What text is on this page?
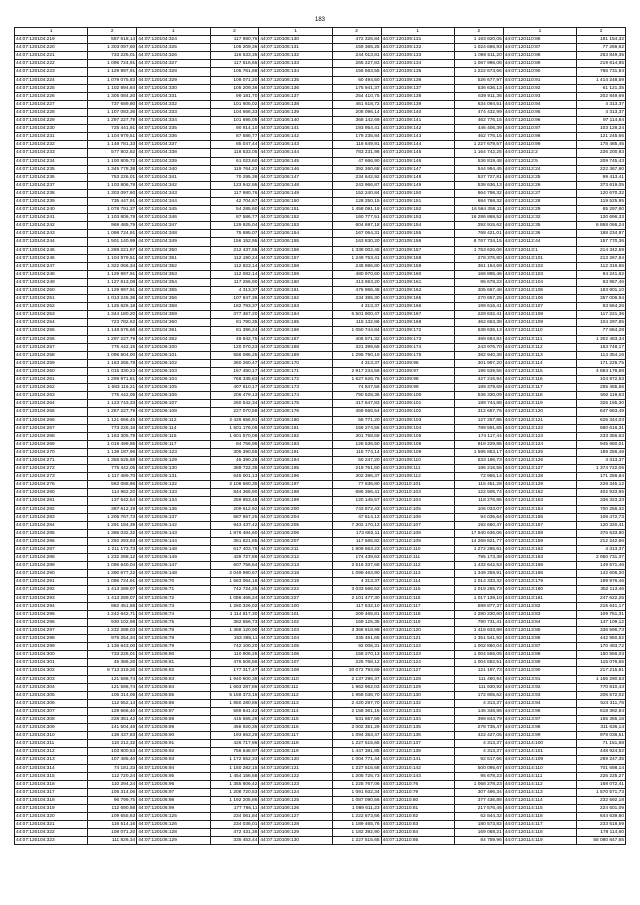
183
1	2	1	2	1	2	1	2	1	2
44:07:120104:219	587 618,14	44:07:120104:324	117 980,76	44:07:120106:130	472 326,84	44:07:120109:131	1 193 620,05	44:07:120110:86	181 154,32
44:07:120104:220	1 303 097,60	44:07:120104:325	105 209,36	44:07:120106:131	159 365,25	44:07:120109:132	1 024 666,93	44:07:120110:87	77 269,62
44:07:120104:221	733 226,01	44:07:120104:326	116 533,35	44:07:120106:132	244 013,81	44:07:120109:133	1 069 511,20	44:07:120110:88	253 849,35
44:07:120104:222	1 096 724,91	44:07:120104:327	117 616,65	44:07:120106:133	265 227,83	44:07:120109:134	1 067 996,08	44:07:120110:89	219 614,85
44:07:120104:223	1 129 997,91	44:07:120104:328	105 761,68	44:07:120106:134	156 563,55	44:07:120109:135	1 222 673,66	44:07:120110:90	766 731,84
44:07:120104:224	1 079 075,83	44:07:120104:329	108 071,20	44:07:120106:135	60 494,50	44:07:120109:136	526 677,97	44:07:120110:91	1 414 248,59
44:07:120104:225	1 102 894,84	44:07:120104:330	105 209,36	44:07:120106:136	175 941,37	44:07:120109:137	536 636,13	44:07:120110:92	61 121,35
44:07:120104:226	1 305 084,20	44:07:120104:331	99 181,70	44:07:120106:137	254 410,75	44:07:120109:138	639 911,36	44:07:120110:93	202 849,69
44:07:120104:227	737 689,80	44:07:120104:332	101 605,02	44:07:120106:138	461 618,72	44:07:120109:139	634 094,51	44:07:120110:94	4 313,37
44:07:120104:228	1 107 083,36	44:07:120104:333	104 666,33	44:07:120106:139	208 096,14	44:07:120109:140	474 432,99	44:07:120110:95	4 313,37
44:07:120104:229	1 297 227,79	44:07:120104:334	101 695,05	44:07:120106:140	368 142,69	44:07:120109:141	462 776,15	44:07:120110:96	97 114,84
44:07:120104:230	725 441,91	44:07:120104:335	90 914,10	44:07:120106:141	193 954,41	44:07:120109:142	446 406,39	44:07:120110:97	103 128,24
44:07:120104:231	1 104 979,51	44:07:120104:336	87 586,77	44:07:120106:142	179 235,84	44:07:120109:143	462 776,15	44:07:120110:98	121 245,66
44:07:120104:232	1 148 781,33	44:07:120104:337	85 047,44	44:07:120106:143	118 649,91	44:07:120109:144	1 227 679,57	44:07:120110:99	178 485,45
44:07:120104:233	577 802,82	44:07:120104:338	118 533,05	44:07:120106:144	783 231,98	44:07:120109:145	1 164 742,25	44:07:120112:2	226 200,93
44:07:120104:234	1 100 809,72	44:07:120104:339	61 023,60	44:07:120106:145	47 666,90	44:07:120109:146	536 819,48	44:07:120112:5	209 745,43
44:07:120104:235	1 345 778,38	44:07:120104:340	119 764,22	44:07:120106:146	392 260,68	44:07:120109:147	544 994,45	44:07:120112:24	222 367,60
44:07:120104:236	753 226,01	44:07:120104:341	70 295,38	44:07:120106:147	234 642,92	44:07:120109:148	537 727,81	44:07:120112:25	99 413,41
44:07:120104:237	1 103 806,78	44:07:120104:342	123 942,95	44:07:120106:148	243 966,87	44:07:120109:149	538 636,13	44:07:120112:26	373 619,05
44:07:120104:238	1 303 097,60	44:07:120104:343	117 980,76	44:07:120106:149	152 240,84	44:07:120109:150	664 798,32	44:07:120112:27	120 670,32
44:07:120104:239	735 447,91	44:07:120104:344	42 704,67	44:07:120106:150	128 250,15	44:07:120109:151	684 768,32	44:07:120112:28	119 525,95
44:07:120104:240	1 078 791,37	44:07:120104:345	54 285,60	44:07:120106:151	1 458 091,19	44:07:120109:152	16 564 356,11	44:07:120112:29	85 297,80
44:07:120104:241	1 103 806,78	44:07:120104:346	87 586,77	44:07:120106:152	160 777,51	44:07:120109:153	16 286 868,52	44:07:120112:32	120 696,33
44:07:120104:242	969 485,79	44:07:120104:347	129 925,04	44:07:120106:153	604 697,18	44:07:120109:154	292 915,62	44:07:120112:35	6 868 066,24
44:07:120104:243	1 098 724,91	44:07:120104:348	75 695,07	44:07:120106:154	167 064,31	44:07:120109:155	768 421,01	44:07:120112:36	188 234,97
44:07:120104:244	1 501 140,99	44:07:120104:349	156 152,95	44:07:120106:155	163 830,20	44:07:120109:156	8 767 734,15	44:07:120112:44	157 770,36
44:07:120104:245	1 289 221,97	44:07:120104:350	212 437,65	44:07:120106:156	1 338 002,45	44:07:120109:157	1 753 626,06	44:07:120113:1	214 342,59
44:07:120104:246	1 104 979,51	44:07:120104:351	112 190,24	44:07:120106:157	1 249 753,41	44:07:120109:158	278 376,80	44:07:120113:101	213 267,84
44:07:120104:247	1 322 066,34	44:07:120104:352	112 823,14	44:07:120106:158	245 986,80	44:07:120109:159	361 164,69	44:07:120113:102	112 316,66
44:07:120104:248	1 129 997,91	44:07:120104:353	112 082,14	44:07:120106:159	480 970,60	44:07:120109:160	166 895,46	44:07:120113:103	94 241,62
44:07:120104:249	1 127 613,08	44:07:120104:354	117 256,90	44:07:120106:160	413 653,20	44:07:120109:161	95 678,23	44:07:120113:104	83 957,46
44:07:120104:250	1 129 997,91	44:07:120104:355	4 313,37	44:07:120106:161	476 966,48	44:07:120109:162	305 667,48	44:07:120113:105	183 901,10
44:07:120104:251	1 013 245,36	44:07:120104:356	107 847,36	44:07:120106:162	234 395,30	44:07:120109:165	270 657,25	44:07:120113:106	357 006,94
44:07:120104:252	1 125 826,18	44:07:120104:358	182 793,37	44:07:120106:163	4 313,37	44:07:120109:166	199 616,41	44:07:120113:107	93 564,26
44:07:120104:253	1 344 180,20	44:07:120104:359	377 367,20	44:07:120106:164	6 501 900,47	44:07:120109:167	229 632,41	44:07:120113:108	117 221,36
44:07:120104:254	723 782,62	44:07:120104:360	81 790,35	44:07:120106:165	115 132,86	44:07:120109:168	462 653,38	44:07:120113:109	104 297,85
44:07:120104:255	1 148 575,66	44:07:120104:361	81 396,24	44:07:120106:166	1 050 744,84	44:07:120109:172	538 636,13	44:07:120113:110	77 664,28
44:07:120104:256	1 297 227,79	44:07:120104:362	49 942,75	44:07:120106:167	406 571,32	44:07:120109:173	469 694,84	44:07:120113:111	1 302 463,34
44:07:120104:257	775 442,15	44:07:120106:100	120 070,23	44:07:120106:168	321 399,65	44:07:120109:174	243 976,70	44:07:120113:112	153 748,17
44:07:120104:258	1 096 804,00	44:07:120106:101	556 086,25	44:07:120106:169	1 295 790,19	44:07:120109:175	382 940,38	44:07:120113:113	114 354,16
44:07:120104:259	1 163 265,78	44:07:120106:102	360 260,47	44:07:120106:170	4 313,37	44:07:120109:96	301 997,20	44:07:120113:114	171 225,75
44:07:120104:260	1 015 330,23	44:07:120106:103	157 480,17	44:07:120106:171	2 917 234,56	44:07:120109:97	196 539,56	44:07:120113:115	4 884 176,98
44:07:120104:261	1 299 971,81	44:07:120106:104	768 335,83	44:07:120106:172	1 627 626,76	44:07:120109:98	427 216,94	44:07:120113:116	104 972,53
44:07:120104:262	1 583 116,21	44:07:120106:105	407 610,17	44:07:120106:173	74 847,56	44:07:120109:99	189 379,69	44:07:120113:117	255 455,56
44:07:120104:263	775 442,05	44:07:120106:106	206 479,13	44:07:120106:174	790 628,36	44:07:120109:100	536 330,09	44:07:120113:118	592 119,63
44:07:120104:264	1 123 743,33	44:07:120106:107	260 542,34	44:07:120106:175	417 647,83	44:07:120109:101	189 744,88	44:07:120113:119	326 155,30
44:07:120104:265	1 267 227,79	44:07:120106:108	227 070,58	44:07:120106:176	459 656,54	44:07:120109:102	312 657,75	44:07:120113:120	647 663,49
44:07:120104:266	1 121 656,45	44:07:120106:112	2 426 656,91	44:07:120106:180	55 771,20	44:07:120109:103	127 257,86	44:07:120113:121	625 344,03
44:07:120104:267	773 226,16	44:07:120106:114	1 501 176,05	44:07:120106:181	156 274,56	44:07:120109:104	789 591,65	44:07:120113:122	680 616,31
44:07:120104:268	1 163 305,79	44:07:120106:115	1 601 570,08	44:07:120106:182	301 758,59	44:07:120109:105	174 117,44	44:07:120113:123	233 356,63
44:07:120104:269	1 019 499,95	44:07:120106:117	84 756,95	44:07:120106:183	128 536,50	44:07:120109:106	919 229,86	44:07:120113:124	945 650,01
44:07:120104:270	1 139 187,96	44:07:120106:123	305 390,55	44:07:120106:191	115 774,14	44:07:120109:109	1 595 853,17	44:07:120113:125	189 256,48
44:07:120104:271	1 355 525,88	44:07:120106:129	45 390,26	44:07:120106:194	50 247,20	44:07:120109:110	533 196,73	44:07:120113:126	4 313,37
44:07:120104:272	775 442,05	44:07:120106:130	389 722,35	44:07:120106:195	219 761,60	44:07:120109:111	186 216,56	44:07:120113:127	1 374 722,05
44:07:120104:273	1 117 489,70	44:07:120106:131	645 001,13	44:07:120106:196	302 396,37	44:07:120109:112	72 955,14	44:07:120113:128	171 256,84
44:07:120104:276	562 088,86	44:07:120106:132	2 108 660,35	44:07:120106:197	77 836,80	44:07:120110:101	115 451,28	44:07:120113:129	228 345,12
44:07:120104:280	114 962,20	44:07:120106:133	844 365,90	44:07:120106:198	686 356,41	44:07:120110:103	122 505,74	44:07:120113:152	402 933,95
44:07:120104:281	137 542,54	44:07:120106:134	259 853,45	44:07:120106:199	120 145,57	44:07:120110:104	118 276,86	44:07:120113:153	336 323,33
44:07:120104:282	387 612,19	44:07:120106:136	209 612,92	44:07:120106:200	743 872,43	44:07:120110:105	106 033,07	44:07:120113:154	700 256,32
44:07:120104:283	1 205 767,73	44:07:120106:137	687 657,25	44:07:120106:204	47 614,13	44:07:120110:106	94 035,64	44:07:120113:155	108 472,73
44:07:120104:284	1 291 184,39	44:07:120106:142	943 437,42	44:07:120106:205	7 302 170,13	44:07:120110:107	192 660,47	44:07:120113:157	120 320,41
44:07:120104:285	1 386 032,32	44:07:120106:143	1 876 484,60	44:07:120106:206	173 682,11	44:07:120110:108	17 940 636,06	44:07:120113:158	376 633,90
44:07:120104:286	1 292 293,93	44:07:120106:144	351 821,85	44:07:120106:207	117 565,82	44:07:120110:109	14 269 821,77	44:07:120113:159	212 242,66
44:07:120104:287	1 211 173,73	44:07:120106:148	617 403,78	44:07:120106:211	1 809 663,23	44:07:120110:110	1 272 286,61	44:07:120113:162	4 313,37
44:07:120104:288	1 232 288,12	44:07:120106:149	428 727,86	44:07:120106:212	174 439,63	44:07:120110:111	795 173,38	44:07:120113:163	2 950 731,37
44:07:120104:289	1 096 640,04	44:07:120106:147	607 756,64	44:07:120106:213	2 516 337,68	44:07:120110:112	1 432 642,53	44:07:120113:165	149 571,46
44:07:120104:290	1 390 677,22	44:07:120106:148	2 049 990,67	44:07:120106:218	1 099 463,90	44:07:120110:113	1 349 259,91	44:07:120113:166	142 606,20
44:07:120104:291	1 096 724,91	44:07:120106:70	1 563 064,18	44:07:120106:219	4 313,37	44:07:120110:114	1 014 333,32	44:07:120113:179	199 976,46
44:07:120104:292	1 413 289,07	44:07:120106:71	742 724,25	44:07:120106:222	3 033 566,52	44:07:120110:115	1 019 265,73	44:07:120113:180	352 113,46
44:07:120104:293	1 413 289,07	44:07:120106:72	1 086 466,24	44:07:120106:227	2 101 477,30	44:07:120110:116	1 017 139,10	44:07:120113:181	247 622,25
44:07:120104:294	882 451,68	44:07:120106:73	1 260 326,02	44:07:120106:100	117 632,10	44:07:120110:117	599 877,37	44:07:120113:82	216 641,17
44:07:120104:295	1 242 642,71	44:07:120106:74	1 114 817,30	44:07:120106:101	209 465,81	44:07:120110:118	1 280 230,60	44:07:120113:83	109 751,31
44:07:120104:296	930 102,98	44:07:120106:75	382 656,73	44:07:120106:102	169 125,35	44:07:120110:119	790 731,41	44:07:120113:84	147 109,12
44:07:120104:297	1 232 288,03	44:07:120106:76	1 368 120,90	44:07:120106:103	3 368 618,98	44:07:120110:120	1 418 633,88	44:07:120113:85	336 596,73
44:07:120104:298	975 254,34	44:07:120106:78	153 385,11	44:07:120106:104	345 461,65	44:07:120110:121	1 351 541,92	44:07:120113:86	442 950,52
44:07:120104:299	1 136 643,00	44:07:120106:79	742 100,20	44:07:120106:105	92 006,31	44:07:120110:122	1 002 860,04	44:07:120113:87	170 493,72
44:07:120104:300	733 226,01	44:07:120106:80	110 906,25	44:07:120106:106	158 270,13	44:07:120110:123	1 004 555,05	44:07:120113:88	150 556,03
44:07:120104:301	45 386,26	44:07:120106:81	476 506,56	44:07:120106:107	225 768,12	44:07:120110:124	1 004 682,51	44:07:120113:89	115 076,65
44:07:120104:302	8 713 319,26	44:07:120106:82	177 317,47	44:07:120106:108	20 072 793,69	44:07:120110:127	121 197,73	44:07:120113:90	217 215,81
44:07:120104:303	121 596,74	44:07:120106:83	1 940 600,38	44:07:120106:110	2 137 296,37	44:07:120110:128	111 460,94	44:07:120113:91	1 156 290,53
44:07:120104:304	121 596,74	44:07:120106:84	1 693 287,86	44:07:120106:111	1 962 962,03	44:07:120110:129	111 930,92	44:07:120113:92	770 810,43
44:07:120104:305	105 314,06	44:07:120106:85	5 159 373,16	44:07:120106:112	1 958 036,70	44:07:120110:130	172 905,62	44:07:120113:93	206 572,02
44:07:120104:306	112 552,14	44:07:120106:86	1 850 280,86	44:07:120106:113	2 420 297,70	44:07:120110:132	4 313,37	44:07:120113:94	524 311,76
44:07:120104:307	128 666,40	44:07:120106:87	569 841,42	44:07:120106:114	2 158 361,16	44:07:120110:133	145 348,86	44:07:120113:96	518 392,84
44:07:120104:308	228 361,42	44:07:120106:88	415 565,28	44:07:120106:115	531 657,59	44:07:120110:134	399 843,79	44:07:120113:97	165 365,16
44:07:120104:309	141 504,48	44:07:120106:89	456 920,36	44:07:120106:116	2 002 351,29	44:07:120110:135	278 735,47	44:07:120113:98	311 636,14
44:07:120104:310	136 437,83	44:07:120106:90	193 663,28	44:07:120106:117	1 094 353,47	44:07:120110:136	422 427,05	44:07:120113:99	979 036,51
44:07:120104:311	110 212,32	44:07:120106:91	426 717,96	44:07:120106:118	1 227 515,65	44:07:120110:137	4 313,37	44:07:120114:100	71 151,68
44:07:120104:312	103 800,53	44:07:120106:92	756 648,97	44:07:120106:119	1 447 381,85	44:07:120110:138	4 313,37	44:07:120114:101	448 924,52
44:07:120104:313	107 485,40	44:07:120106:93	1 172 552,33	44:07:120106:120	1 004 771,44	44:07:120110:141	92 517,66	44:07:120114:109	289 247,35
44:07:120104:314	74 181,33	44:07:120106:94	1 150 282,15	44:07:120106:121	1 227 515,68	44:07:120110:142	500 095,67	44:07:120114:110	701 698,14
44:07:120104:315	112 720,24	44:07:120106:95	1 454 156,58	44:07:120106:122	1 205 725,73	44:07:120110:143	95 678,23	44:07:120114:111	225 225,27
44:07:120104:316	110 294,24	44:07:120106:96	1 355 606,42	44:07:120106:123	1 225 767,06	44:07:120110:76	1 068 278,23	44:07:120114:112	168 072,41
44:07:120104:317	105 314,06	44:07:120106:97	1 208 720,53	44:07:120106:124	1 091 932,34	44:07:120110:79	307 496,34	44:07:120114:113	1 570 571,73
44:07:120104:318	96 799,75	44:07:120106:98	1 192 205,86	44:07:120106:125	1 087 090,56	44:07:120110:80	377 436,88	44:07:120114:114	232 592,18
44:07:120104:319	112 690,88	44:07:120106:99	177 766,11	44:07:120106:126	1 089 611,23	44:07:120110:81	217 576,45	44:07:120114:115	224 601,09
44:07:120104:320	109 655,63	44:07:120106:125	234 061,84	44:07:120106:127	1 222 673,66	44:07:120110:82	62 844,32	44:07:120114:116	644 639,80
44:07:120104:321	116 514,16	44:07:120106:126	234 036,01	44:07:120106:128	1 189 465,76	44:07:120110:83	180 573,82	44:07:120114:117	233 518,59
44:07:120104:322	108 071,20	44:07:120106:128	472 431,38	44:07:120106:129	1 182 392,90	44:07:120110:84	169 068,21	44:07:120114:118	178 114,60
44:07:120104:323	111 826,34	44:07:120106:129	335 453,44	44:07:120109:130	1 227 515,65	44:07:120110:85	84 759,96	44:07:120114:119	58 080 847,65
